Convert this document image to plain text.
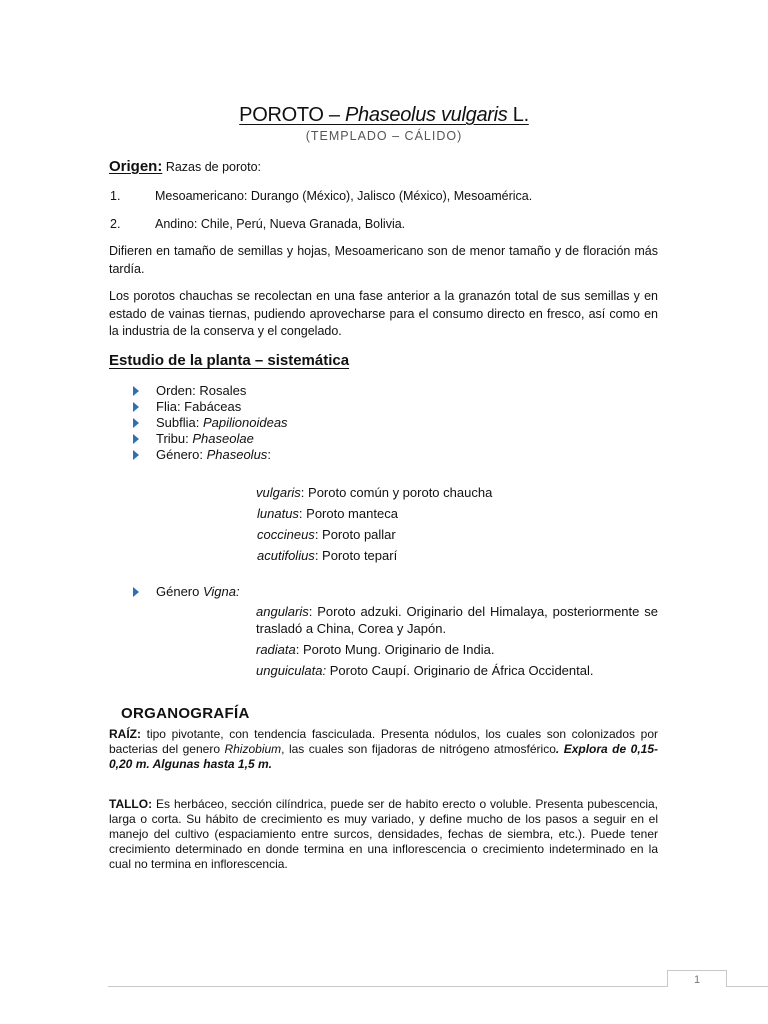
POROTO – Phaseolus vulgaris L.
(TEMPLADO – CÁLIDO)
Origen: Razas de poroto:
1.	Mesoamericano: Durango (México), Jalisco (México), Mesoamérica.
2.	Andino: Chile, Perú, Nueva Granada, Bolivia.
Difieren en tamaño de semillas y hojas, Mesoamericano son de menor tamaño y de floración más tardía.
Los porotos chauchas se recolectan en una fase anterior a la granazón total de sus semillas y en estado de vainas tiernas, pudiendo aprovecharse para el consumo directo en fresco, así como en la industria de la conserva y el congelado.
Estudio de la planta – sistemática
Orden: Rosales
Flia: Fabáceas
Subflia: Papilionoideas
Tribu: Phaseolae
Género: Phaseolus:
vulgaris: Poroto común y poroto chaucha
lunatus: Poroto manteca
coccineus: Poroto pallar
acutifolius: Poroto teparí
Género Vigna:
angularis: Poroto adzuki. Originario del Himalaya, posteriormente se trasladó a China, Corea y Japón.
radiata: Poroto Mung. Originario de India.
unguiculata: Poroto Caupí. Originario de África Occidental.
ORGANOGRAFÍA
RAÍZ: tipo pivotante, con tendencia fasciculada. Presenta nódulos, los cuales son colonizados por bacterias del genero Rhizobium, las cuales son fijadoras de nitrógeno atmosférico. Explora de 0,15-0,20 m. Algunas hasta 1,5 m.
TALLO: Es herbáceo, sección cilíndrica, puede ser de habito erecto o voluble. Presenta pubescencia, larga o corta. Su hábito de crecimiento es muy variado, y define mucho de los pasos a seguir en el manejo del cultivo (espaciamiento entre surcos, densidades, fechas de siembra, etc.). Puede tener crecimiento determinado en donde termina en una inflorescencia o crecimiento indeterminado en la cual no termina en inflorescencia.
1
